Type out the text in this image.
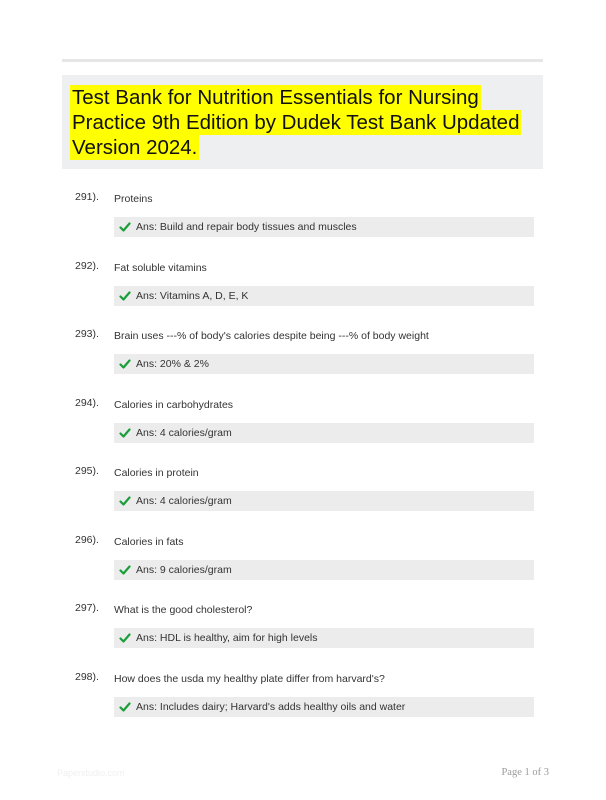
Test Bank for Nutrition Essentials for Nursing Practice 9th Edition by Dudek Test Bank Updated Version 2024.
291). Proteins
Ans: Build and repair body tissues and muscles
292). Fat soluble vitamins
Ans: Vitamins A, D, E, K
293). Brain uses ---% of body's calories despite being ---% of body weight
Ans: 20% & 2%
294). Calories in carbohydrates
Ans: 4 calories/gram
295). Calories in protein
Ans: 4 calories/gram
296). Calories in fats
Ans: 9 calories/gram
297). What is the good cholesterol?
Ans: HDL is healthy, aim for high levels
298). How does the usda my healthy plate differ from harvard's?
Ans: Includes dairy; Harvard's adds healthy oils and water
Paperstudio.com	Page 1 of 3
